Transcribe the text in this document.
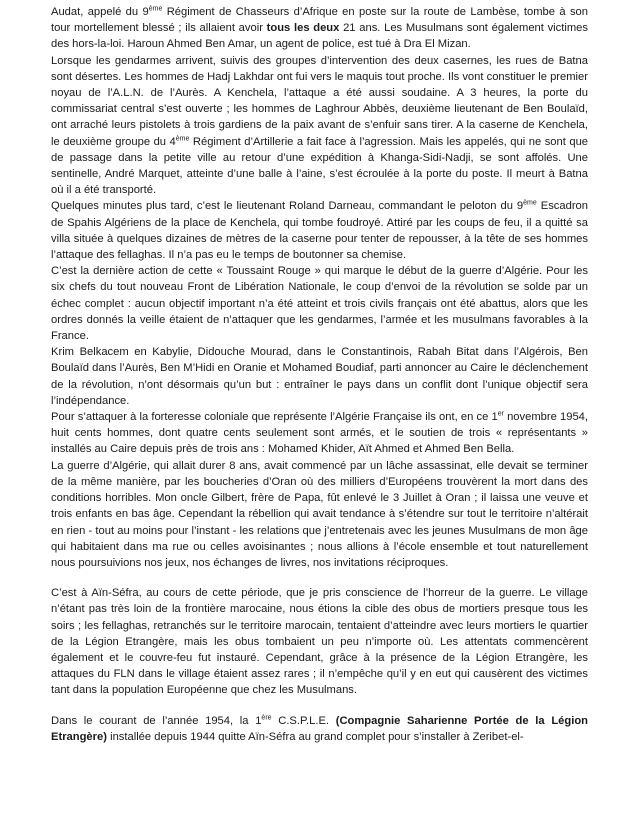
Audat, appelé du 9ème Régiment de Chasseurs d’Afrique en poste sur la route de Lambèse, tombe à son tour mortellement blessé ; ils allaient avoir tous les deux 21 ans. Les Musulmans sont également victimes des hors-la-loi. Haroun Ahmed Ben Amar, un agent de police, est tué à Dra El Mizan.

Lorsque les gendarmes arrivent, suivis des groupes d’intervention des deux casernes, les rues de Batna sont désertes. Les hommes de Hadj Lakhdar ont fui vers le maquis tout proche. Ils vont constituer le premier noyau de l’A.L.N. de l’Aurès. A Kenchela, l’attaque a été aussi soudaine. A 3 heures, la porte du commissariat central s’est ouverte ; les hommes de Laghrour Abbès, deuxième lieutenant de Ben Boulaïd, ont arraché leurs pistolets à trois gardiens de la paix avant de s’enfuir sans tirer. A la caserne de Kenchela, le deuxième groupe du 4ème Régiment d’Artillerie a fait face à l’agression. Mais les appelés, qui ne sont que de passage dans la petite ville au retour d’une expédition à Khanga-Sidi-Nadji, se sont affolés. Une sentinelle, André Marquet, atteinte d’une balle à l’aine, s’est écroulée à la porte du poste. Il meurt à Batna où il a été transporté.

Quelques minutes plus tard, c’est le lieutenant Roland Darneau, commandant le peloton du 9ème Escadron de Spahis Algériens de la place de Kenchela, qui tombe foudroyé. Attiré par les coups de feu, il a quitté sa villa située à quelques dizaines de mètres de la caserne pour tenter de repousser, à la tête de ses hommes l’attaque des fellaghas. Il n’a pas eu le temps de boutonner sa chemise.

C’est la dernière action de cette « Toussaint Rouge » qui marque le début de la guerre d’Algérie. Pour les six chefs du tout nouveau Front de Libération Nationale, le coup d’envoi de la révolution se solde par un échec complet : aucun objectif important n’a été atteint et trois civils français ont été abattus, alors que les ordres donnés la veille étaient de n’attaquer que les gendarmes, l’armée et les musulmans favorables à la France.

Krim Belkacem en Kabylie, Didouche Mourad, dans le Constantinois, Rabah Bitat dans l’Algérois, Ben Boulaïd dans l’Aurès, Ben M’Hidi en Oranie et Mohamed Boudiaf, parti annoncer au Caire le déclenchement de la révolution, n’ont désormais qu’un but : entraîner le pays dans un conflit dont l’unique objectif sera l’indépendance.

Pour s’attaquer à la forteresse coloniale que représente l’Algérie Française ils ont, en ce 1er novembre 1954, huit cents hommes, dont quatre cents seulement sont armés, et le soutien de trois « représentants » installés au Caire depuis près de trois ans : Mohamed Khider, Aït Ahmed et Ahmed Ben Bella.

La guerre d’Algérie, qui allait durer 8 ans, avait commencé par un lâche assassinat, elle devait se terminer de la même manière, par les boucheries d’Oran où des milliers d’Européens trouvèrent la mort dans des conditions horribles. Mon oncle Gilbert, frère de Papa, fût enlevé le 3 Juillet à Oran ; il laissa une veuve et trois enfants en bas âge. Cependant la rébellion qui avait tendance à s’étendre sur tout le territoire n’altérait en rien - tout au moins pour l’instant - les relations que j’entretenais avec les jeunes Musulmans de mon âge qui habitaient dans ma rue ou celles avoisinantes ; nous allions à l’école ensemble et tout naturellement nous poursuivions nos jeux, nos échanges de livres, nos invitations réciproques.

C’est à Aïn-Séfra, au cours de cette période, que je pris conscience de l’horreur de la guerre. Le village n’étant pas très loin de la frontière marocaine, nous étions la cible des obus de mortiers presque tous les soirs ; les fellaghas, retranchés sur le territoire marocain, tentaient d’atteindre avec leurs mortiers le quartier de la Légion Etrangère, mais les obus tombaient un peu n’importe où. Les attentats commencèrent également et le couvre-feu fut instauré. Cependant, grâce à la présence de la Légion Etrangère, les attaques du FLN dans le village étaient assez rares ; il n’empêche qu’il y en eut qui causèrent des victimes tant dans la population Européenne que chez les Musulmans.

Dans le courant de l’année 1954, la 1ère C.S.P.L.E. (Compagnie Saharienne Portée de la Légion Etrangère) installée depuis 1944 quitte Aïn-Séfra au grand complet pour s’installer à Zeribet-el-
